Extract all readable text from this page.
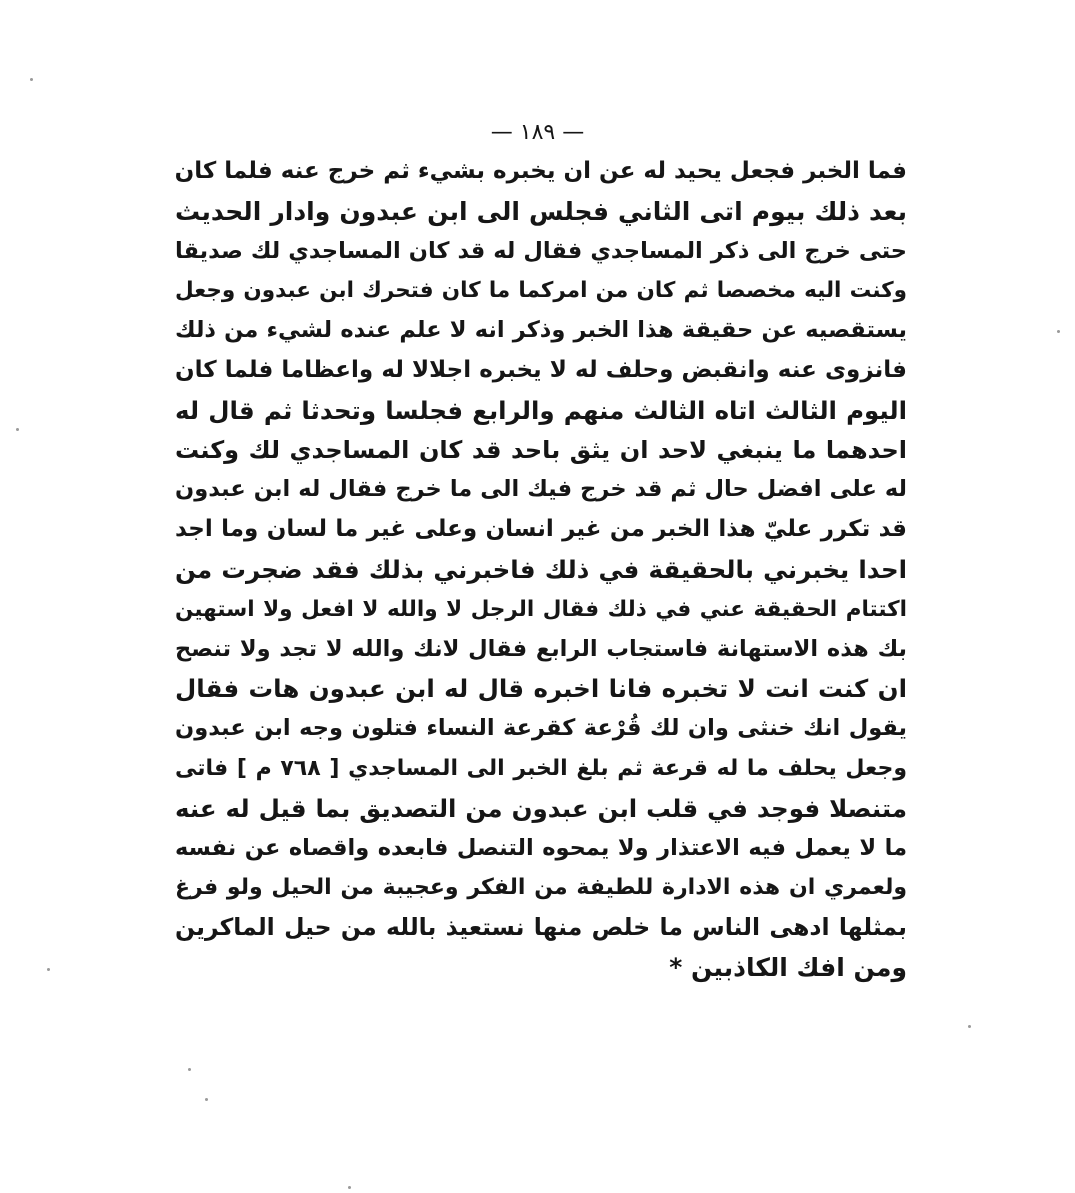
— ١٨٩ —
فما الخبر فجعل يحيد له عن ان يخبره بشيء ثم خرج عنه فلما كان
بعد ذلك بيوم اتى الثاني فجلس الى ابن عبدون وادار الحديث
حتى خرج الى ذكر المساجدي فقال له قد كان المساجدي لك صديقا
وكنت اليه مخصصا ثم كان من امركما ما كان فتحرك ابن عبدون وجعل
يستقصيه عن حقيقة هذا الخبر وذكر انه لا علم عنده لشيء من ذلك
فانزوى عنه وانقبض وحلف له لا يخبره اجلالا له واعظاما فلما كان
اليوم الثالث اتاه الثالث منهم والرابع فجلسا وتحدثا ثم قال له
احدهما ما ينبغي لاحد ان يثق باحد قد كان المساجدي لك وكنت
له على افضل حال ثم قد خرج فيك الى ما خرج فقال له ابن عبدون
قد تكرر عليّ هذا الخبر من غير انسان وعلى غير ما لسان وما اجد
احدا يخبرني بالحقيقة في ذلك فاخبرني بذلك فقد ضجرت من
اكتتام الحقيقة عني في ذلك فقال الرجل لا والله لا افعل ولا استهين
بك هذه الاستهانة فاستجاب الرابع فقال لانك والله لا تجد ولا تنصح
ان كنت انت لا تخبره فانا اخبره قال له ابن عبدون هات فقال
يقول انك خنثى وان لك قُرْعة كقرعة النساء فتلون وجه ابن عبدون
وجعل يحلف ما له قرعة ثم بلغ الخبر الى المساجدي [ ٧٦٨ م ] فاتى
متنصلا فوجد في قلب ابن عبدون من التصديق بما قيل له عنه
ما لا يعمل فيه الاعتذار ولا يمحوه التنصل فابعده واقصاه عن نفسه
ولعمري ان هذه الادارة للطيفة من الفكر وعجيبة من الحيل ولو فرغ
بمثلها ادهى الناس ما خلص منها نستعيذ بالله من حيل الماكرين
ومن افك الكاذبين *
